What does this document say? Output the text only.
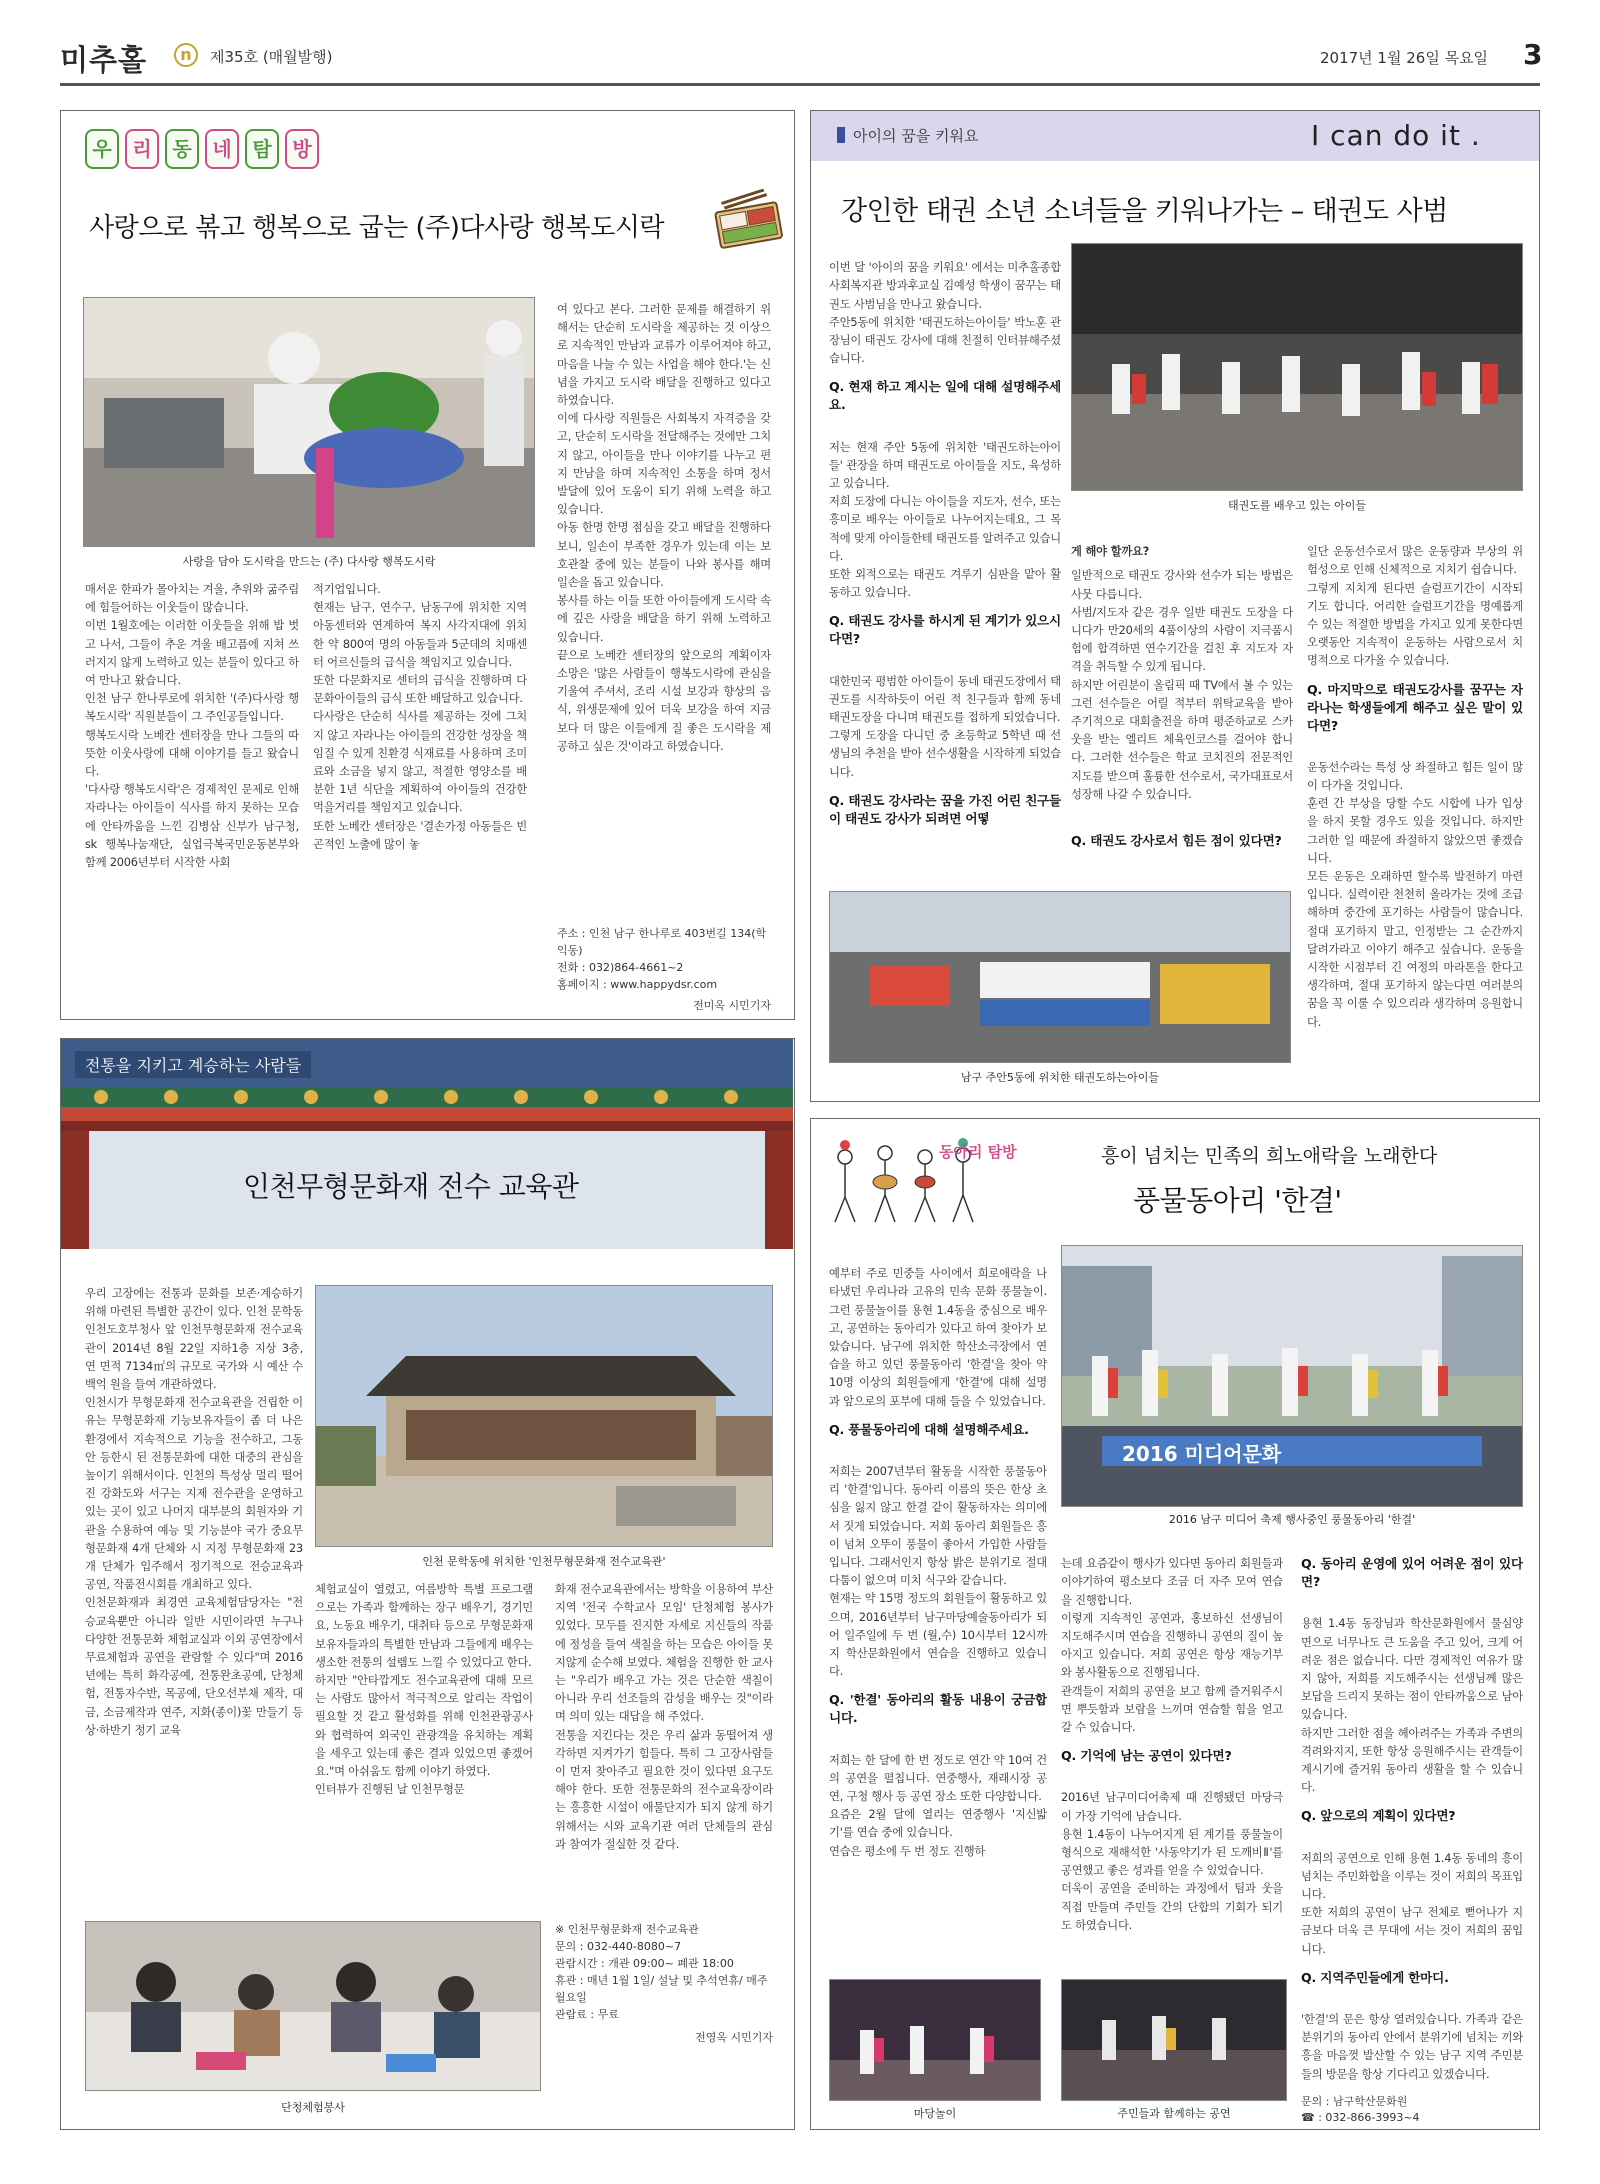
미추홀	n	제35호 (매월발행)	2017년 1월 26일 목요일 3
우	리	동	네	탐	방
사랑으로 볶고 행복으로 굽는 (주)다사랑 행복도시락
사랑을 담아 도시락을 만드는 (주) 다사랑 행복도시락
매서운 한파가 몰아치는 겨울, 추위와 굶주림에 힘들어하는 이웃들이 많습니다.
이번 1월호에는 이러한 이웃들을 위해 밥 벗고 나서, 그들이 추운 겨울 배고픔에 지쳐 쓰러지지 않게 노력하고 있는 분들이 있다고 하여 만나고 왔습니다.
인천 남구 한나루로에 위치한 '(주)다사랑 행복도시락' 직원분들이 그 주인공들입니다.
행복도시락 노베칸 센터장을 만나 그들의 따뜻한 이웃사랑에 대해 이야기를 들고 왔습니다.
'다사랑 행복도시락'은 경제적인 문제로 인해 자라나는 아이들이 식사를 하지 못하는 모습에 안타까움을 느낀 김병삼 신부가 남구청, sk 행복나눔재단, 실업극복국민운동본부와 함께 2006년부터 시작한 사회
적기업입니다.
현재는 남구, 연수구, 남동구에 위치한 지역아동센터와 연계하여 복지 사각지대에 위치한 약 800여 명의 아동들과 5군데의 치매센터 어르신들의 급식을 책임지고 있습니다.
또한 다문화지로 센터의 급식을 진행하며 다문화아이들의 급식 또한 배달하고 있습니다.
다사랑은 단순히 식사를 제공하는 것에 그치지 않고 자라나는 아이들의 건강한 성장을 책임질 수 있게 친환경 식재료를 사용하며 조미료와 소금을 넣지 않고, 적절한 영양소를 배분한 1년 식단을 계획하여 아이들의 건강한 먹을거리를 책임지고 있습니다.
또한 노베칸 센터장은 '결손가정 아동들은 빈곤적인 노출에 많이 놓
여 있다고 본다. 그러한 문제를 해결하기 위해서는 단순히 도시락을 제공하는 것 이상으로 지속적인 만남과 교류가 이루어져야 하고, 마음을 나눌 수 있는 사업을 해야 한다.'는 신념을 가지고 도시락 배달을 진행하고 있다고 하였습니다.
이에 다사랑 직원들은 사회복지 자격증을 갖고, 단순히 도시락을 전달해주는 것에만 그치지 않고, 아이들을 만나 이야기를 나누고 편지 만남을 하며 지속적인 소통을 하며 정서 발달에 있어 도움이 되기 위해 노력을 하고 있습니다.
아동 한명 한명 점심을 갖고 배달을 진행하다 보니, 일손이 부족한 경우가 있는데 이는 보호관찰 중에 있는 분들이 나와 봉사를 해며 일손을 돕고 있습니다.
봉사를 하는 이들 또한 아이들에게 도시락 속에 깊은 사랑을 배달을 하기 위해 노력하고 있습니다.
끝으로 노베칸 센터장의 앞으로의 계획이자 소망은 '많은 사람들이 행복도시락에 관심을 기울여 주셔서, 조리 시설 보강과 향상의 음식, 위생문제에 있어 더욱 보강을 하여 지금보다 더 많은 이들에게 질 좋은 도시락을 제공하고 싶은 것'이라고 하였습니다.
주소 : 인천 남구 한나루로 403번길 134(학익동)
전화 : 032)864-4661~2
홈페이지 : www.happydsr.com
전미옥 시민기자
전통을 지키고 계승하는 사람들
인천무형문화재 전수 교육관
우리 고장에는 전통과 문화를 보존·계승하기 위해 마련된 특별한 공간이 있다. 인천 문학동 인천도호부청사 앞 인천무형문화재 전수교육관이 2014년 8월 22일 지하1층 지상 3층, 연 면적 7134㎡의 규모로 국가와 시 예산 수백억 원을 들여 개관하였다.
인천시가 무형문화재 전수교육관을 건립한 이유는 무형문화재 기능보유자들이 좀 더 나은 환경에서 지속적으로 기능을 전수하고, 그동안 등한시 된 전통문화에 대한 대중의 관심을 높이기 위해서이다. 인천의 특성상 멀리 떨어진 강화도와 서구는 지제 전수관을 운영하고 있는 곳이 있고 나머지 대부분의 회원자와 기관을 수용하여 예능 및 기능분야 국가 중요무형문화재 4개 단체와 시 지정 무형문화재 23개 단체가 입주해서 정기적으로 전승교육과 공연, 작품전시회를 개최하고 있다.
인천문화재과 최경연 교육체험담당자는 "전승교육뿐만 아니라 일반 시민이라면 누구나 다양한 전통문화 체험교실과 이외 공연장에서 무료체험과 공연을 관람할 수 있다"며 2016년에는 특히 화각공예, 전통완초공예, 단청체험, 전통자수반, 목공예, 단오선부채 제작, 대금, 소금제작과 연주, 지화(종이)꽃 만들기 등 상·하반기 정기 교육
인천 문학동에 위치한 '인천무형문화재 전수교육관'
체험교실이 열렸고, 여름방학 특별 프로그램으로는 가족과 함께하는 장구 배우기, 경기민요, 노동요 배우기, 대취타 등으로 무형문화재 보유자들과의 특별한 만남과 그들에게 배우는 생소한 전통의 설렘도 느낄 수 있었다고 한다.
하지만 "안타깝게도 전수교육관에 대해 모르는 사람도 많아서 적극적으로 알리는 작업이 필요할 것 같고 활성화를 위해 인천관광공사와 협력하여 외국인 관광객을 유치하는 계획을 세우고 있는데 좋은 결과 있었으면 좋겠어요."며 아쉬움도 함께 이야기 하였다.
인터뷰가 진행된 날 인천무형문
화재 전수교육관에서는 방학을 이용하여 부산지역 '전국 수학교사 모임' 단청체험 봉사가 있었다. 모두를 진지한 자세로 지신들의 작품에 정성을 들여 색칠을 하는 모습은 아이들 못지않게 순수해 보였다. 체험을 진행한 한 교사는 "우리가 배우고 가는 것은 단순한 색칠이 아니라 우리 선조들의 감성을 배우는 것"이라며 의미 있는 대답을 해 주었다.
전통을 지킨다는 것은 우리 삶과 동떨어져 생각하면 지켜가기 힘들다. 특히 그 고장사람들이 먼저 찾아주고 필요한 것이 있다면 요구도 해야 한다. 또한 전통문화의 전수교육장이라는 흥흥한 시설이 애물단지가 되지 않게 하기 위해서는 시와 교육기관 여러 단체들의 관심과 참여가 절실한 것 같다.
※ 인천무형문화재 전수교육관
문의 : 032-440-8080~7
관람시간 : 개관 09:00~ 폐관 18:00
휴관 : 매년 1월 1일/ 설날 및 추석연휴/ 매주 월요일
관람료 : 무료
전영옥 시민기자
단청체험봉사
아이의 꿈을 키워요	I can do it .
강인한 태권 소년 소녀들을 키워나가는 – 태권도 사범

이번 달 '아이의 꿈을 키워요' 에서는 미추홀종합사회복지관 방과후교실 김예성 학생이 꿈꾸는 태권도 사범님을 만나고 왔습니다.
주안5동에 위치한 '태권도하는아이들' 박노훈 관장님이 태권도 강사에 대해 친절히 인터뷰해주셨습니다.

Q. 현재 하고 계시는 일에 대해 설명해주세요.

저는 현재 주안 5동에 위치한 '태권도하는아이들' 관장을 하며 태권도로 아이들을 지도, 육성하고 있습니다.
저희 도장에 다니는 아이들을 지도자, 선수, 또는 흥미로 배우는 아이들로 나누어지는데요, 그 목적에 맞게 아이들한테 태권도를 알려주고 있습니다.
또한 외적으로는 태권도 겨루기 심판을 맡아 활동하고 있습니다.

Q. 태권도 강사를 하시게 된 계기가 있으시다면?

대한민국 평범한 아이들이 동네 태권도장에서 태권도를 시작하듯이 어린 적 친구들과 함께 동네 태권도장을 다니며 태권도를 접하게 되었습니다.
그렇게 도장을 다니던 중 초등학교 5학년 때 선생님의 추천을 받아 선수생활을 시작하게 되었습니다.

Q. 태권도 강사라는 꿈을 가진 어린 친구들이 태권도 강사가 되려면 어떻

태권도를 배우고 있는 아이들

게 해야 할까요?

일반적으로 태권도 강사와 선수가 되는 방법은 사뭇 다릅니다.
사범/지도자 같은 경우 일반 태권도 도장을 다니다가 만20세의 4품이상의 사람이 지극품시험에 합격하면 연수기간을 걸친 후 지도자 자격을 취득할 수 있게 됩니다.
하지만 어린분이 올림픽 때 TV에서 볼 수 있는 그런 선수들은 어릴 적부터 위탁교육을 받아 주기적으로 대회출전을 하며 평준하교로 스카웃을 받는 엘리트 체육인코스를 걸어야 합니다. 그러한 선수들은 학교 코치진의 전문적인 지도를 받으며 훌륭한 선수로서, 국가대표로서 성장해 나갈 수 있습니다.

Q. 태권도 강사로서 힘든 점이 있다면?

일단 운동선수로서 많은 운동량과 부상의 위험성으로 인해 신체적으로 지치기 쉽습니다.
그렇게 지치게 된다면 슬럼프기간이 시작되기도 합니다. 어리한 슬럼프기간을 명예롭게 수 있는 적절한 방법을 가지고 있게 못한다면 오랫동안 지속적이 운동하는 사람으로서 치명적으로 다가올 수 있습니다.

Q. 마지막으로 태권도강사를 꿈꾸는 자라나는 학생들에게 해주고 싶은 말이 있다면?

운동선수라는 특성 상 좌절하고 힘든 일이 많이 다가올 것입니다.
훈련 간 부상을 당할 수도 시합에 나가 입상을 하지 못할 경우도 있을 것입니다. 하지만 그러한 일 때문에 좌절하지 않았으면 좋겠습니다.
모든 운동은 오래하면 할수록 발전하기 마련입니다. 실력이란 천천히 올라가는 것에 조급해하며 중간에 포기하는 사람들이 많습니다. 절대 포기하지 말고, 인정받는 그 순간까지 달려가라고 이야기 해주고 싶습니다. 운동을 시작한 시점부터 긴 여정의 마라톤을 한다고 생각하며, 절대 포기하지 않는다면 여러분의 꿈을 꼭 이룰 수 있으리라 생각하며 응원합니다.

남구 주안5동에 위치한 태권도하는아이들
동아리 탐방	흥이 넘치는 민족의 희노애락을 노래한다
풍물동아리 '한결'

예부터 주로 민중들 사이에서 희로애락을 나타냈던 우리나라 고유의 민속 문화 풍물놀이. 그런 풍물놀이를 용현 1.4동을 중심으로 배우고, 공연하는 동아리가 있다고 하여 찾아가 보았습니다. 남구에 위치한 학산소극장에서 연습을 하고 있던 풍물동아리 '한결'을 찾아 약 10명 이상의 회원들에게 '한결'에 대해 설명과 앞으로의 포부에 대해 들을 수 있었습니다.

Q. 풍물동아리에 대해 설명해주세요.

저희는 2007년부터 활동을 시작한 풍물동아리 '한결'입니다. 동아리 이름의 뜻은 한상 초심을 잃지 않고 한결 같이 활동하자는 의미에서 짓게 되었습니다. 저희 동아리 회원들은 흥이 넘쳐 오뚜이 풍물이 좋아서 가입한 사람들입니다. 그래서인지 항상 밝은 분위기로 절대 다툼이 없으며 미치 식구와 같습니다.
현재는 약 15명 정도의 회원들이 활동하고 있으며, 2016년부터 남구마당예술동아리가 되어 일주일에 두 번 (월,수) 10시부터 12시까지 학산문화원에서 연습을 진행하고 있습니다.

Q. '한결' 동아리의 활동 내용이 궁금합니다.

저희는 한 달에 한 번 정도로 연간 약 10여 건의 공연을 펼칩니다. 연중행사, 재래시장 공연, 구청 행사 등 공연 장소 또한 다양합니다.
요즘은 2월 달에 열리는 연중행사 '지신밟기'를 연습 중에 있습니다.
연습은 평소에 두 번 정도 진행하

2016 미디어문화
2016 남구 미디어 축제 행사중인 풍물동아리 '한결'

는데 요즘같이 행사가 있다면 동아리 회원들과 이야기하여 평소보다 조금 더 자주 모여 연습을 진행합니다.
이렇게 지속적인 공연과, 홍보하신 선생님이 지도해주시며 연습을 진행하니 공연의 질이 높아지고 있습니다. 저희 공연은 항상 재능기부와 봉사활동으로 진행됩니다.
관객들이 저희의 공연을 보고 함께 즐거워주시면 뿌듯함과 보람을 느끼며 연습할 힘을 얻고 갈 수 있습니다.

Q. 기억에 남는 공연이 있다면?

2016년 남구미디어축제 때 진행됐던 마당극이 가장 기억에 남습니다.
용현 1.4동이 나누어지게 된 계기를 풍물놀이 형식으로 재해석한 '사동약기가 된 도깨비Ⅱ'를 공연했고 좋은 성과를 얻을 수 있었습니다.
더욱이 공연을 준비하는 과정에서 팀과 웃을 직접 만들며 주민들 간의 단합의 기회가 되기도 하였습니다.

Q. 동아리 운영에 있어 어려운 점이 있다면?

용현 1.4동 동장님과 학산문화원에서 물심양면으로 너무나도 큰 도움을 주고 있어, 크게 어려운 점은 없습니다. 다만 경제적인 여유가 많지 않아, 저희를 지도해주시는 선생님께 많은 보답을 드리지 못하는 점이 안타까움으로 남아 있습니다.
하지만 그러한 점을 헤아려주는 가족과 주변의 격려와지지, 또한 항상 응원해주시는 관객들이 계시기에 즐거워 동아리 생활을 할 수 있습니다.

Q. 앞으로의 계획이 있다면?

저희의 공연으로 인해 용현 1.4동 동네의 흥이 넘치는 주민화합을 이루는 것이 저희의 목표입니다.
또한 저희의 공연이 남구 전체로 뻗어나가 지금보다 더욱 큰 무대에 서는 것이 저희의 꿈입니다.

Q. 지역주민들에게 한마디.

'한결'의 문은 항상 열려있습니다. 가족과 같은 분위기의 동아리 안에서 분위기에 넘치는 끼와 흥을 마음껏 발산할 수 있는 남구 지역 주민분들의 방문을 항상 기다리고 있겠습니다.

문의 : 남구학산문화원
☎ : 032-866-3993~4
마당놀이	주민들과 함께하는 공연
